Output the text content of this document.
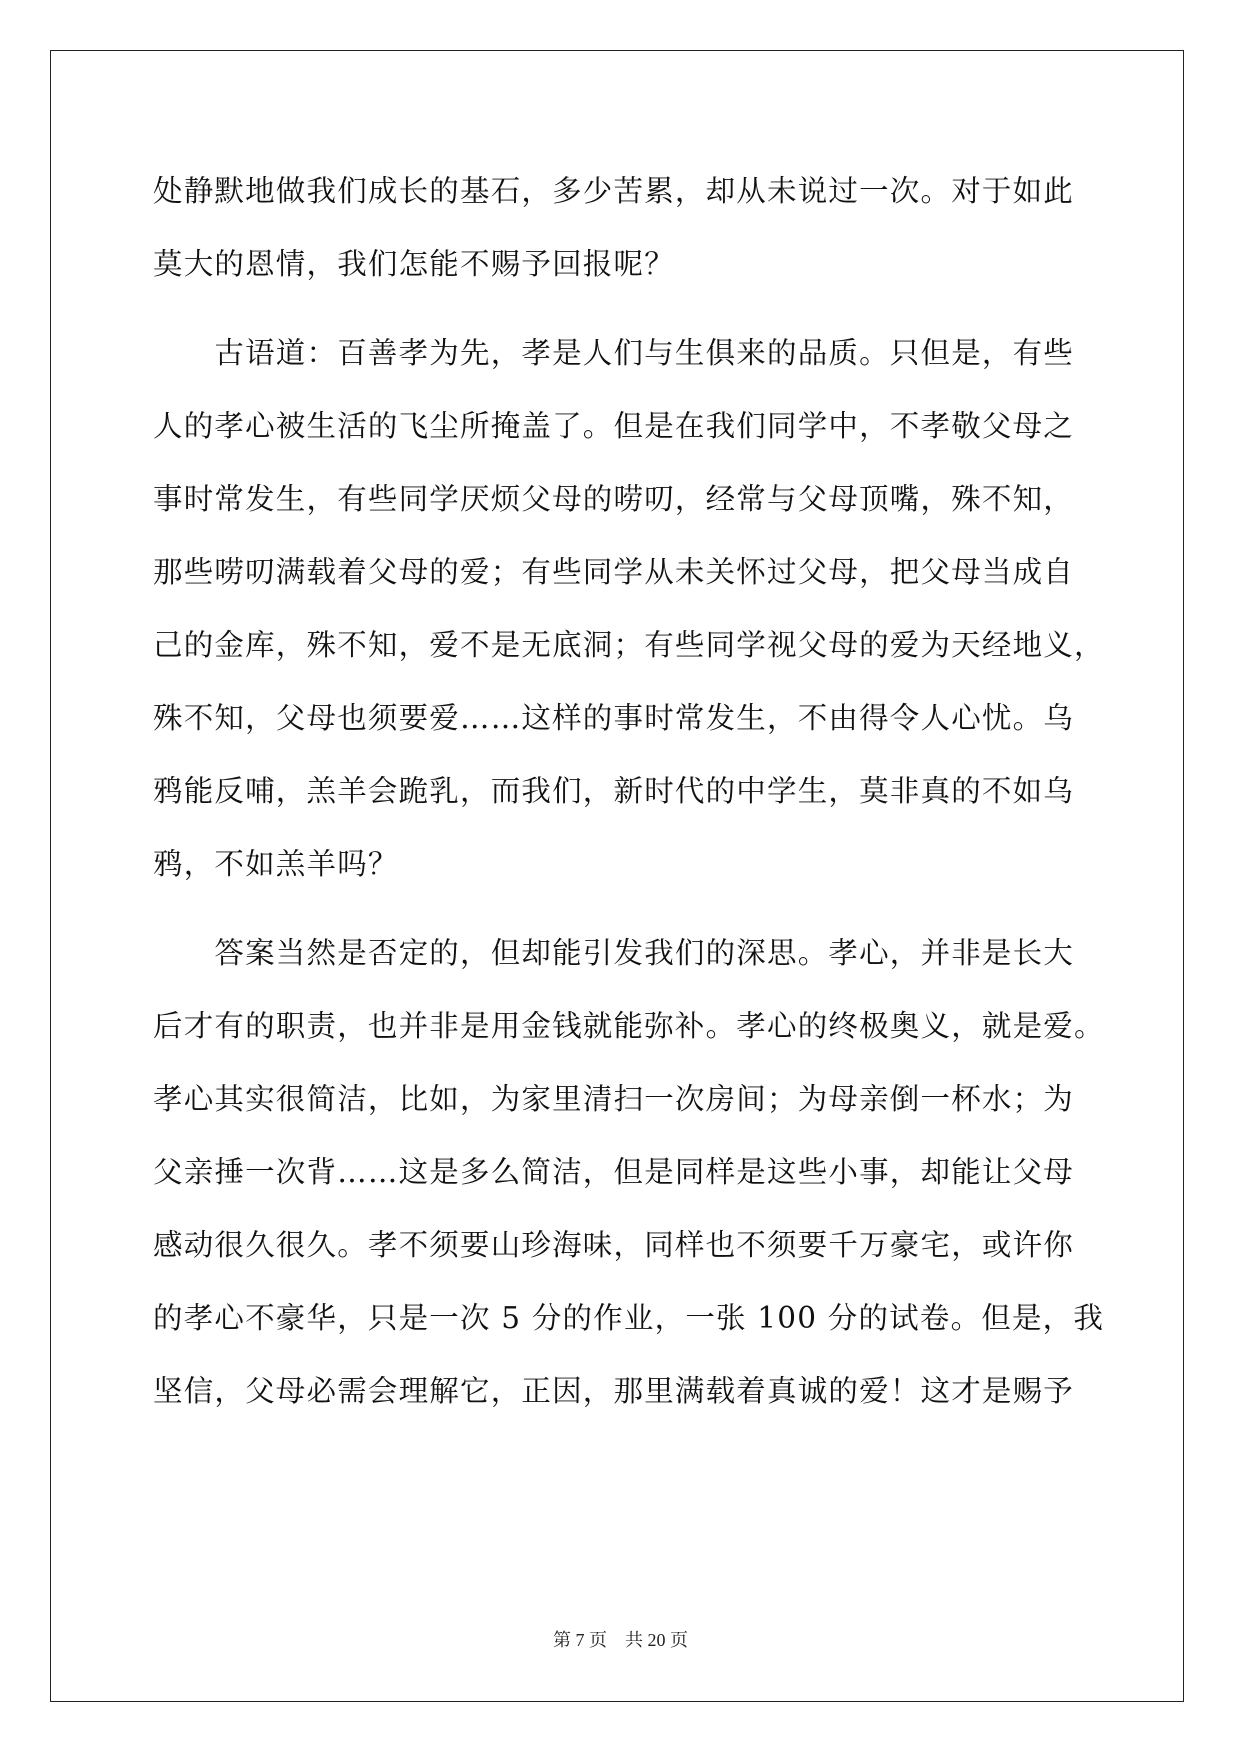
处静默地做我们成长的基石，多少苦累，却从未说过一次。对于如此
莫大的恩情，我们怎能不赐予回报呢？
　　古语道：百善孝为先，孝是人们与生俱来的品质。只但是，有些
人的孝心被生活的飞尘所掩盖了。但是在我们同学中，不孝敬父母之
事时常发生，有些同学厌烦父母的唠叨，经常与父母顶嘴，殊不知，
那些唠叨满载着父母的爱；有些同学从未关怀过父母，把父母当成自
己的金库，殊不知，爱不是无底洞；有些同学视父母的爱为天经地义，
殊不知，父母也须要爱……这样的事时常发生，不由得令人心忧。乌
鸦能反哺，羔羊会跪乳，而我们，新时代的中学生，莫非真的不如乌
鸦，不如羔羊吗？
　　答案当然是否定的，但却能引发我们的深思。孝心，并非是长大
后才有的职责，也并非是用金钱就能弥补。孝心的终极奥义，就是爱。
孝心其实很简洁，比如，为家里清扫一次房间；为母亲倒一杯水；为
父亲捶一次背……这是多么简洁，但是同样是这些小事，却能让父母
感动很久很久。孝不须要山珍海味，同样也不须要千万豪宅，或许你
的孝心不豪华，只是一次 5 分的作业，一张 100 分的试卷。但是，我
坚信，父母必需会理解它，正因，那里满载着真诚的爱！这才是赐予
第 7 页 共 20 页
